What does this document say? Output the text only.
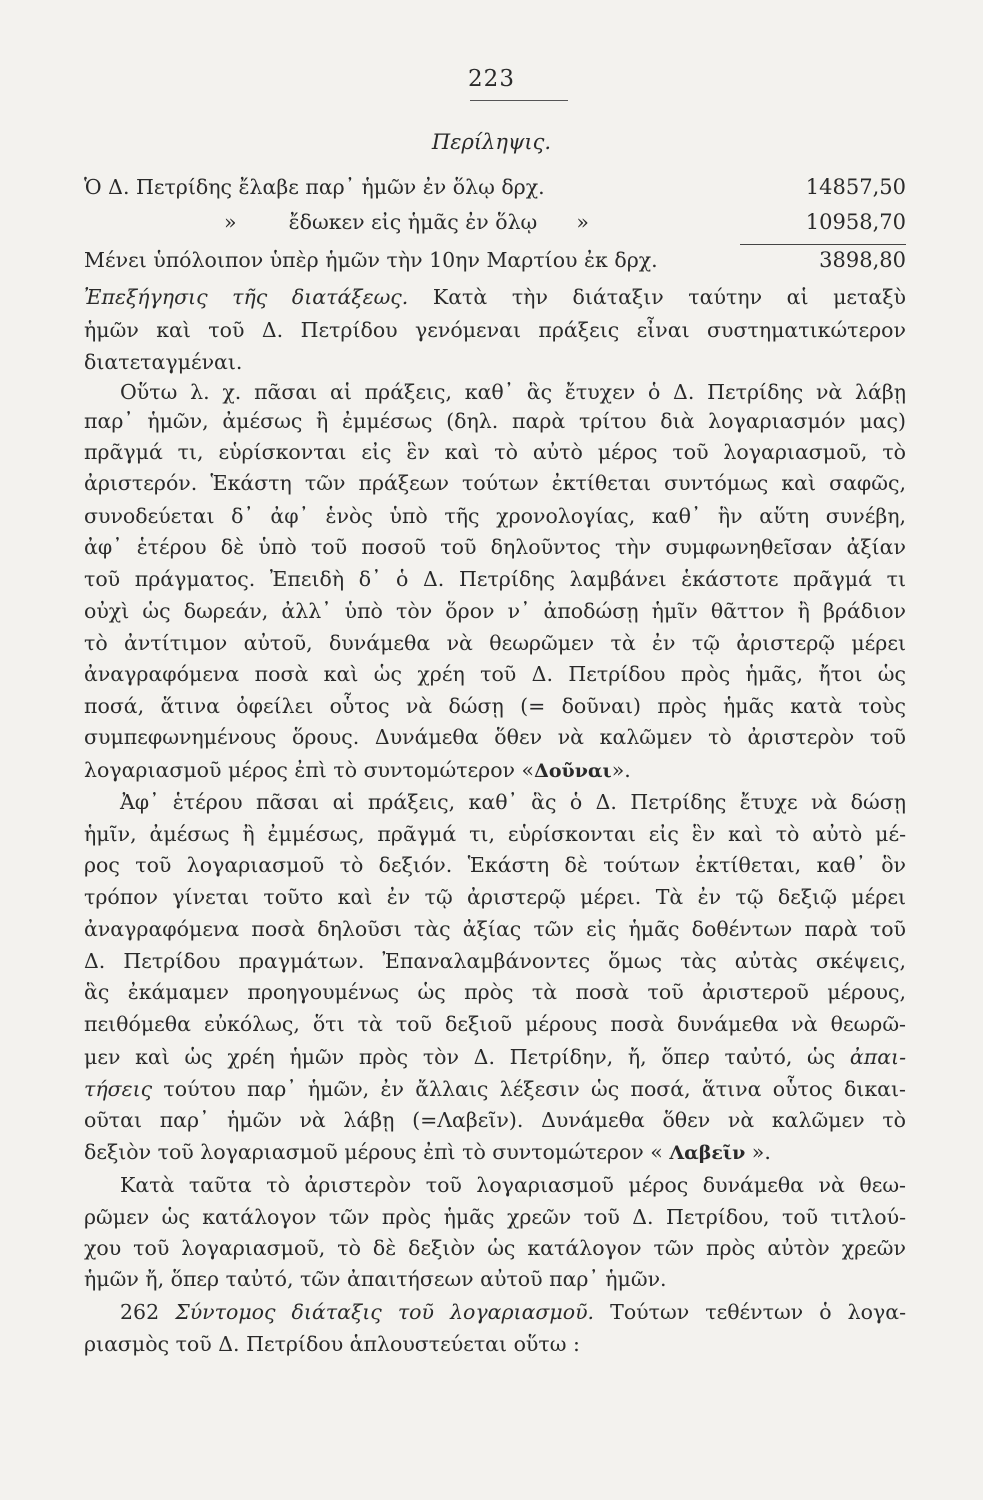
223
Περίληψις.
Ὁ Δ. Πετρίδης ἔλαβε παρ᾽ ἡμῶν ἐν ὅλῳ δρχ.	14857,50
»        ἔδωκεν εἰς ἡμᾶς ἐν ὅλῳ      »	10958,70
Μένει ὑπόλοιπον ὑπὲρ ἡμῶν τὴν 10ην Μαρτίου ἐκ δρχ.	3898,80
Ἐπεξήγησις τῆς διατάξεως. Κατὰ τὴν διάταξιν ταύτην αἱ μεταξὺ
ἡμῶν καὶ τοῦ Δ. Πετρίδου γενόμεναι πράξεις εἶναι συστηματικώτερον
διατεταγμέναι.
Οὕτω λ. χ. πᾶσαι αἱ πράξεις, καθ᾽ ἃς ἔτυχεν ὁ Δ. Πετρίδης νὰ λάβῃ
παρ᾽ ἡμῶν, ἀμέσως ἢ ἐμμέσως (δηλ. παρὰ τρίτου διὰ λογαριασμόν μας)
πρᾶγμά τι, εὑρίσκονται εἰς ἓν καὶ τὸ αὐτὸ μέρος τοῦ λογαριασμοῦ, τὸ
ἀριστερόν. Ἑκάστη τῶν πράξεων τούτων ἐκτίθεται συντόμως καὶ σαφῶς,
συνοδεύεται δ᾽ ἀφ᾽ ἑνὸς ὑπὸ τῆς χρονολογίας, καθ᾽ ἣν αὕτη συνέβη,
ἀφ᾽ ἑτέρου δὲ ὑπὸ τοῦ ποσοῦ τοῦ δηλοῦντος τὴν συμφωνηθεῖσαν ἀξίαν
τοῦ πράγματος. Ἐπειδὴ δ᾽ ὁ Δ. Πετρίδης λαμβάνει ἑκάστοτε πρᾶγμά τι
οὐχὶ ὡς δωρεάν, ἀλλ᾽ ὑπὸ τὸν ὅρον ν᾽ ἀποδώσῃ ἡμῖν θᾶττον ἢ βράδιον
τὸ ἀντίτιμον αὐτοῦ, δυνάμεθα νὰ θεωρῶμεν τὰ ἐν τῷ ἀριστερῷ μέρει
ἀναγραφόμενα ποσὰ καὶ ὡς χρέη τοῦ Δ. Πετρίδου πρὸς ἡμᾶς, ἤτοι ὡς
ποσά, ἅτινα ὀφείλει οὗτος νὰ δώσῃ (= δοῦναι) πρὸς ἡμᾶς κατὰ τοὺς
συμπεφωνημένους ὅρους. Δυνάμεθα ὅθεν νὰ καλῶμεν τὸ ἀριστερὸν τοῦ
λογαριασμοῦ μέρος ἐπὶ τὸ συντομώτερον «Δοῦναι».
Ἀφ᾽ ἑτέρου πᾶσαι αἱ πράξεις, καθ᾽ ἃς ὁ Δ. Πετρίδης ἔτυχε νὰ δώσῃ
ἡμῖν, ἀμέσως ἢ ἐμμέσως, πρᾶγμά τι, εὑρίσκονται εἰς ἓν καὶ τὸ αὐτὸ μέ-
ρος τοῦ λογαριασμοῦ τὸ δεξιόν. Ἑκάστη δὲ τούτων ἐκτίθεται, καθ᾽ ὃν
τρόπον γίνεται τοῦτο καὶ ἐν τῷ ἀριστερῷ μέρει. Τὰ ἐν τῷ δεξιῷ μέρει
ἀναγραφόμενα ποσὰ δηλοῦσι τὰς ἀξίας τῶν εἰς ἡμᾶς δοθέντων παρὰ τοῦ
Δ. Πετρίδου πραγμάτων. Ἐπαναλαμβάνοντες ὅμως τὰς αὐτὰς σκέψεις,
ἃς ἐκάμαμεν προηγουμένως ὡς πρὸς τὰ ποσὰ τοῦ ἀριστεροῦ μέρους,
πειθόμεθα εὐκόλως, ὅτι τὰ τοῦ δεξιοῦ μέρους ποσὰ δυνάμεθα νὰ θεωρῶ-
μεν καὶ ὡς χρέη ἡμῶν πρὸς τὸν Δ. Πετρίδην, ἤ, ὅπερ ταὐτό, ὡς ἀπαι-
τήσεις τούτου παρ᾽ ἡμῶν, ἐν ἄλλαις λέξεσιν ὡς ποσά, ἅτινα οὗτος δικαι-
οῦται παρ᾽ ἡμῶν νὰ λάβῃ (=Λαβεῖν). Δυνάμεθα ὅθεν νὰ καλῶμεν τὸ
δεξιὸν τοῦ λογαριασμοῦ μέρους ἐπὶ τὸ συντομώτερον « Λαβεῖν ».
Κατὰ ταῦτα τὸ ἀριστερὸν τοῦ λογαριασμοῦ μέρος δυνάμεθα νὰ θεω-
ρῶμεν ὡς κατάλογον τῶν πρὸς ἡμᾶς χρεῶν τοῦ Δ. Πετρίδου, τοῦ τιτλού-
χου τοῦ λογαριασμοῦ, τὸ δὲ δεξιὸν ὡς κατάλογον τῶν πρὸς αὐτὸν χρεῶν
ἡμῶν ἤ, ὅπερ ταὐτό, τῶν ἀπαιτήσεων αὐτοῦ παρ᾽ ἡμῶν.
262 Σύντομος διάταξις τοῦ λογαριασμοῦ. Τούτων τεθέντων ὁ λογα-
ριασμὸς τοῦ Δ. Πετρίδου ἁπλουστεύεται οὕτω :
